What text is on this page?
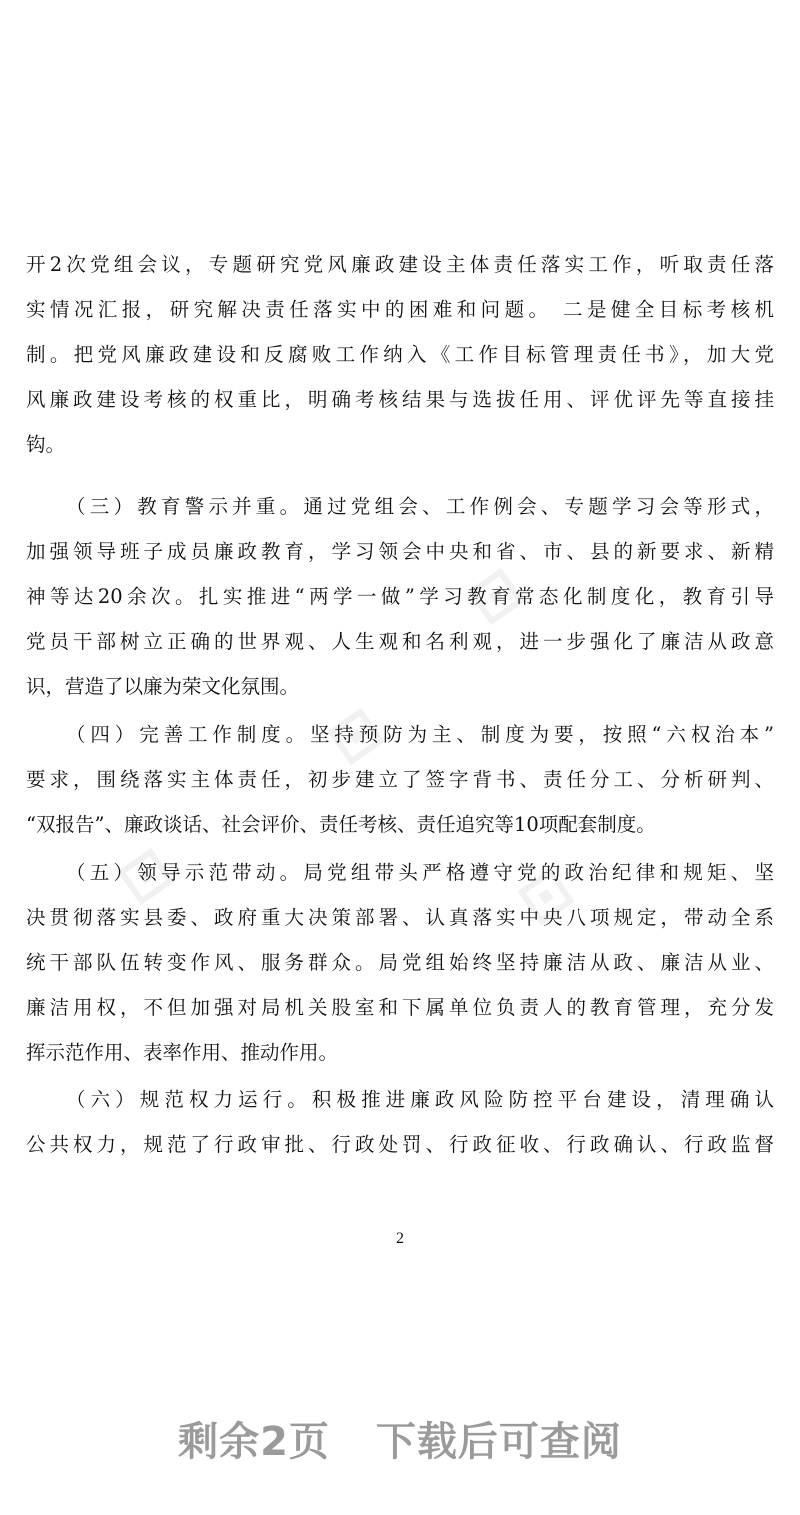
⊡
⊡
⊡	⊡
开2次党组会议，专题研究党风廉政建设主体责任落实工作，听取责任落
实情况汇报，研究解决责任落实中的困难和问题。 二是健全目标考核机
制。把党风廉政建设和反腐败工作纳入《工作目标管理责任书》，加大党
风廉政建设考核的权重比，明确考核结果与选拔任用、评优评先等直接挂
钩。
（三）教育警示并重。通过党组会、工作例会、专题学习会等形式，
加强领导班子成员廉政教育，学习领会中央和省、市、县的新要求、新精
神等达20余次。扎实推进“两学一做”学习教育常态化制度化，教育引导
党员干部树立正确的世界观、人生观和名利观，进一步强化了廉洁从政意
识，营造了以廉为荣文化氛围。
（四）完善工作制度。坚持预防为主、制度为要，按照“六权治本”
要求，围绕落实主体责任，初步建立了签字背书、责任分工、分析研判、
“双报告”、廉政谈话、社会评价、责任考核、责任追究等10项配套制度。
（五）领导示范带动。局党组带头严格遵守党的政治纪律和规矩、坚
决贯彻落实县委、政府重大决策部署、认真落实中央八项规定，带动全系
统干部队伍转变作风、服务群众。局党组始终坚持廉洁从政、廉洁从业、
廉洁用权，不但加强对局机关股室和下属单位负责人的教育管理，充分发
挥示范作用、表率作用、推动作用。
（六）规范权力运行。积极推进廉政风险防控平台建设，清理确认
公共权力，规范了行政审批、行政处罚、行政征收、行政确认、行政监督
2
剩余2页 下载后可查阅
